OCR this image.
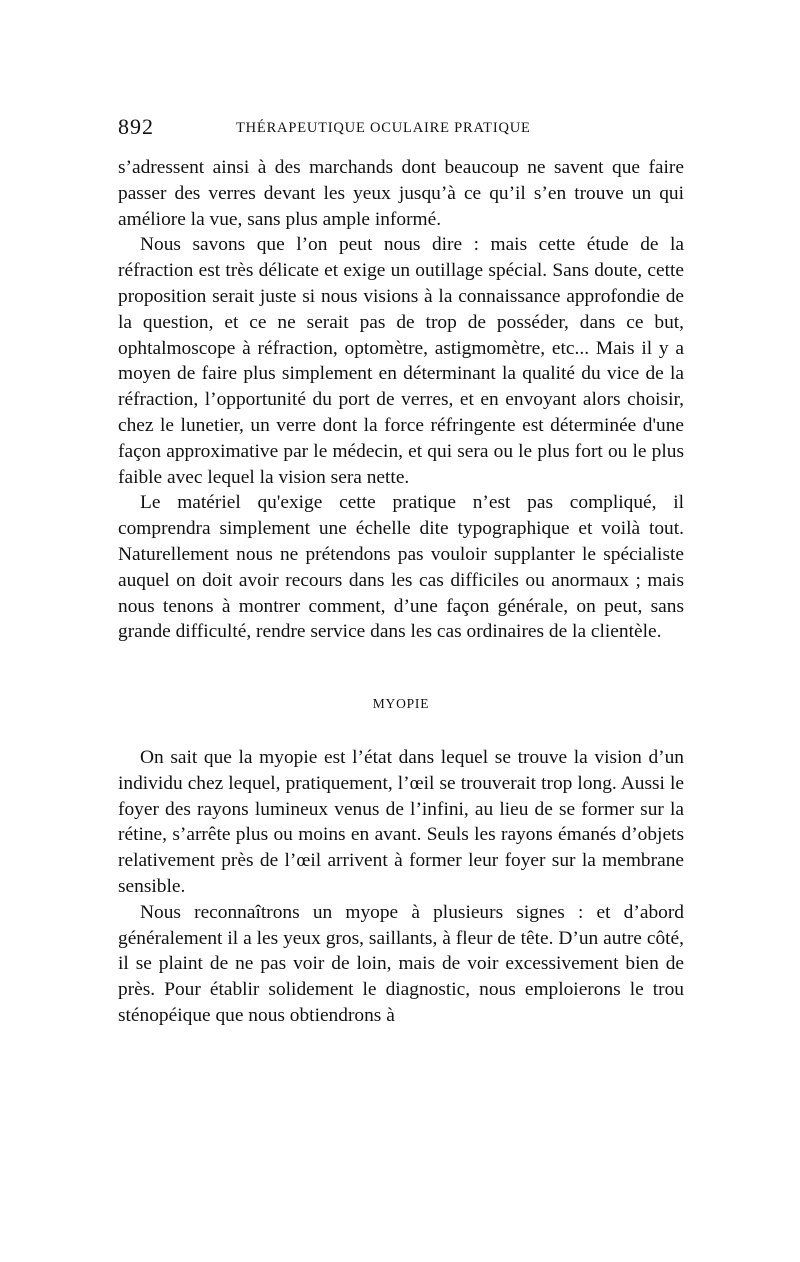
892	THÉRAPEUTIQUE OCULAIRE PRATIQUE

s’adressent ainsi à des marchands dont beaucoup ne savent que faire passer des verres devant les yeux jusqu’à ce qu’il s’en trouve un qui améliore la vue, sans plus ample informé.

Nous savons que l’on peut nous dire : mais cette étude de la réfraction est très délicate et exige un outillage spécial. Sans doute, cette proposition serait juste si nous visions à la connaissance approfondie de la question, et ce ne serait pas de trop de posséder, dans ce but, ophtalmoscope à réfraction, optomètre, astigmomètre, etc... Mais il y a moyen de faire plus simplement en déterminant la qualité du vice de la réfraction, l’opportunité du port de verres, et en envoyant alors choisir, chez le lunetier, un verre dont la force réfringente est déterminée d'une façon approximative par le médecin, et qui sera ou le plus fort ou le plus faible avec lequel la vision sera nette.

Le matériel qu'exige cette pratique n’est pas compliqué, il comprendra simplement une échelle dite typographique et voilà tout. Naturellement nous ne prétendons pas vouloir supplanter le spécialiste auquel on doit avoir recours dans les cas difficiles ou anormaux ; mais nous tenons à montrer comment, d’une façon générale, on peut, sans grande difficulté, rendre service dans les cas ordinaires de la clientèle.

MYOPIE

On sait que la myopie est l’état dans lequel se trouve la vision d’un individu chez lequel, pratiquement, l’œil se trouverait trop long. Aussi le foyer des rayons lumineux venus de l’infini, au lieu de se former sur la rétine, s’arrête plus ou moins en avant. Seuls les rayons émanés d’objets relativement près de l’œil arrivent à former leur foyer sur la membrane sensible.

Nous reconnaîtrons un myope à plusieurs signes : et d’abord généralement il a les yeux gros, saillants, à fleur de tête. D’un autre côté, il se plaint de ne pas voir de loin, mais de voir excessivement bien de près. Pour établir solidement le diagnostic, nous emploierons le trou sténopéique que nous obtiendrons à
